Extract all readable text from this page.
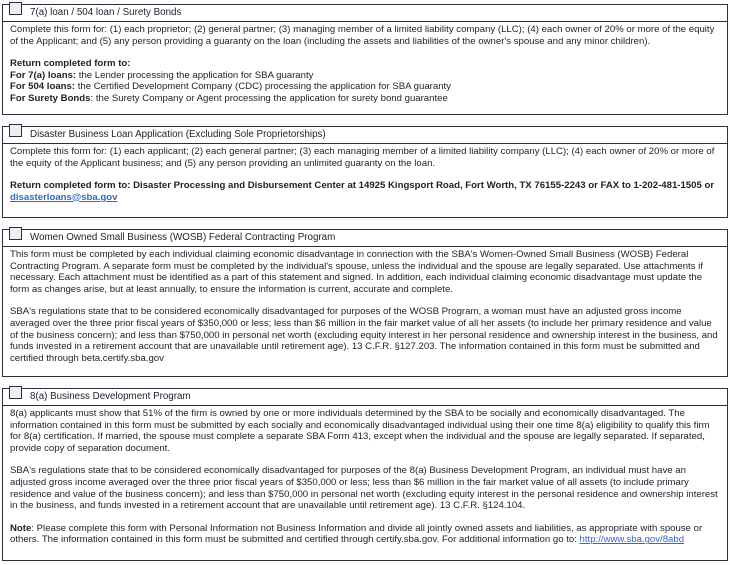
7(a) loan / 504 loan / Surety Bonds
Complete this form for: (1) each proprietor; (2) general partner; (3) managing member of a limited liability company (LLC); (4) each owner of 20% or more of the equity of the Applicant; and (5) any person providing a guaranty on the loan (including the assets and liabilities of the owner's spouse and any minor children).
Return completed form to:
For 7(a) loans: the Lender processing the application for SBA guaranty
For 504 loans: the Certified Development Company (CDC) processing the application for SBA guaranty
For Surety Bonds: the Surety Company or Agent processing the application for surety bond guarantee
Disaster Business Loan Application (Excluding Sole Proprietorships)
Complete this form for: (1) each applicant; (2) each general partner; (3) each managing member of a limited liability company (LLC); (4) each owner of 20% or more of the equity of the Applicant business; and (5) any person providing an unlimited guaranty on the loan.
Return completed form to: Disaster Processing and Disbursement Center at 14925 Kingsport Road, Fort Worth, TX 76155-2243 or FAX to 1-202-481-1505 or disasterloans@sba.gov
Women Owned Small Business (WOSB) Federal Contracting Program
This form must be completed by each individual claiming economic disadvantage in connection with the SBA's Women-Owned Small Business (WOSB) Federal Contracting Program. A separate form must be completed by the individual's spouse, unless the individual and the spouse are legally separated. Use attachments if necessary. Each attachment must be identified as a part of this statement and signed. In addition, each individual claiming economic disadvantage must update the form as changes arise, but at least annually, to ensure the information is current, accurate and complete.
SBA's regulations state that to be considered economically disadvantaged for purposes of the WOSB Program, a woman must have an adjusted gross income averaged over the three prior fiscal years of $350,000 or less; less than $6 million in the fair market value of all her assets (to include her primary residence and value of the business concern); and less than $750,000 in personal net worth (excluding equity interest in her personal residence and ownership interest in the business, and funds invested in a retirement account that are unavailable until retirement age). 13 C.F.R. §127.203. The information contained in this form must be submitted and certified through beta.certify.sba.gov
8(a) Business Development Program
8(a) applicants must show that 51% of the firm is owned by one or more individuals determined by the SBA to be socially and economically disadvantaged. The information contained in this form must be submitted by each socially and economically disadvantaged individual using their one time 8(a) eligibility to qualify this firm for 8(a) certification. If married, the spouse must complete a separate SBA Form 413, except when the individual and the spouse are legally separated. If separated, provide copy of separation document.
SBA's regulations state that to be considered economically disadvantaged for purposes of the 8(a) Business Development Program, an individual must have an adjusted gross income averaged over the three prior fiscal years of $350,000 or less; less than $6 million in the fair market value of all assets (to include primary residence and value of the business concern); and less than $750,000 in personal net worth (excluding equity interest in the personal residence and ownership interest in the business, and funds invested in a retirement account that are unavailable until retirement age). 13 C.F.R. §124.104.
Note: Please complete this form with Personal Information not Business Information and divide all jointly owned assets and liabilities, as appropriate with spouse or others. The information contained in this form must be submitted and certified through certify.sba.gov. For additional information go to: http://www.sba.gov/8abd
